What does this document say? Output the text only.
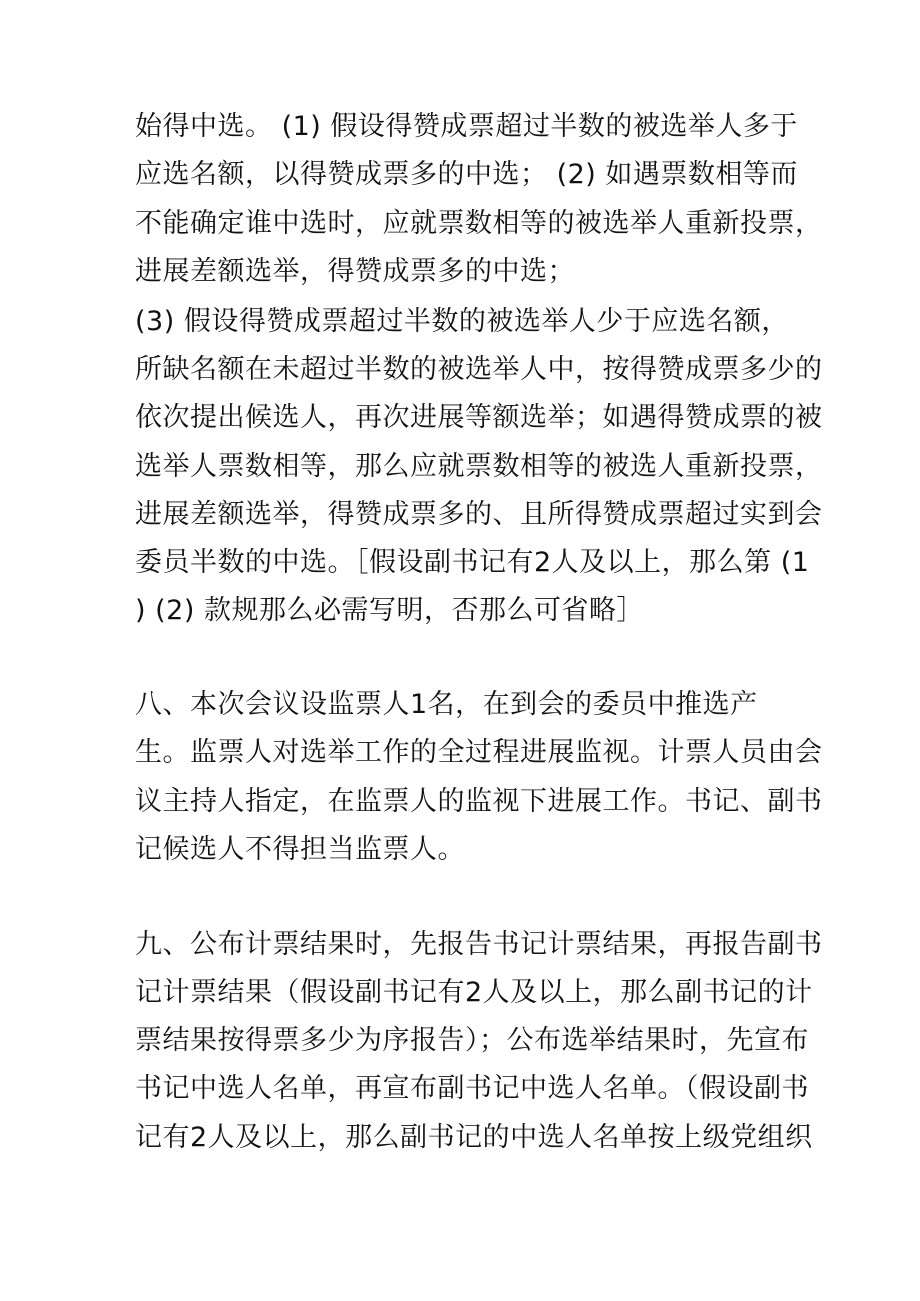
始得中选。 (1) 假设得赞成票超过半数的被选举人多于
应选名额，以得赞成票多的中选； (2) 如遇票数相等而
不能确定谁中选时，应就票数相等的被选举人重新投票，
进展差额选举，得赞成票多的中选；
(3) 假设得赞成票超过半数的被选举人少于应选名额，
所缺名额在未超过半数的被选举人中，按得赞成票多少的
依次提出候选人，再次进展等额选举；如遇得赞成票的被
选举人票数相等，那么应就票数相等的被选人重新投票，
进展差额选举，得赞成票多的、且所得赞成票超过实到会
委员半数的中选。［假设副书记有2人及以上，那么第 (1
) (2) 款规那么必需写明，否那么可省略］
八、本次会议设监票人1名，在到会的委员中推选产
生。监票人对选举工作的全过程进展监视。计票人员由会
议主持人指定，在监票人的监视下进展工作。书记、副书
记候选人不得担当监票人。
九、公布计票结果时，先报告书记计票结果，再报告副书
记计票结果（假设副书记有2人及以上，那么副书记的计
票结果按得票多少为序报告）；公布选举结果时，先宣布
书记中选人名单，再宣布副书记中选人名单。（假设副书
记有2人及以上，那么副书记的中选人名单按上级党组织
